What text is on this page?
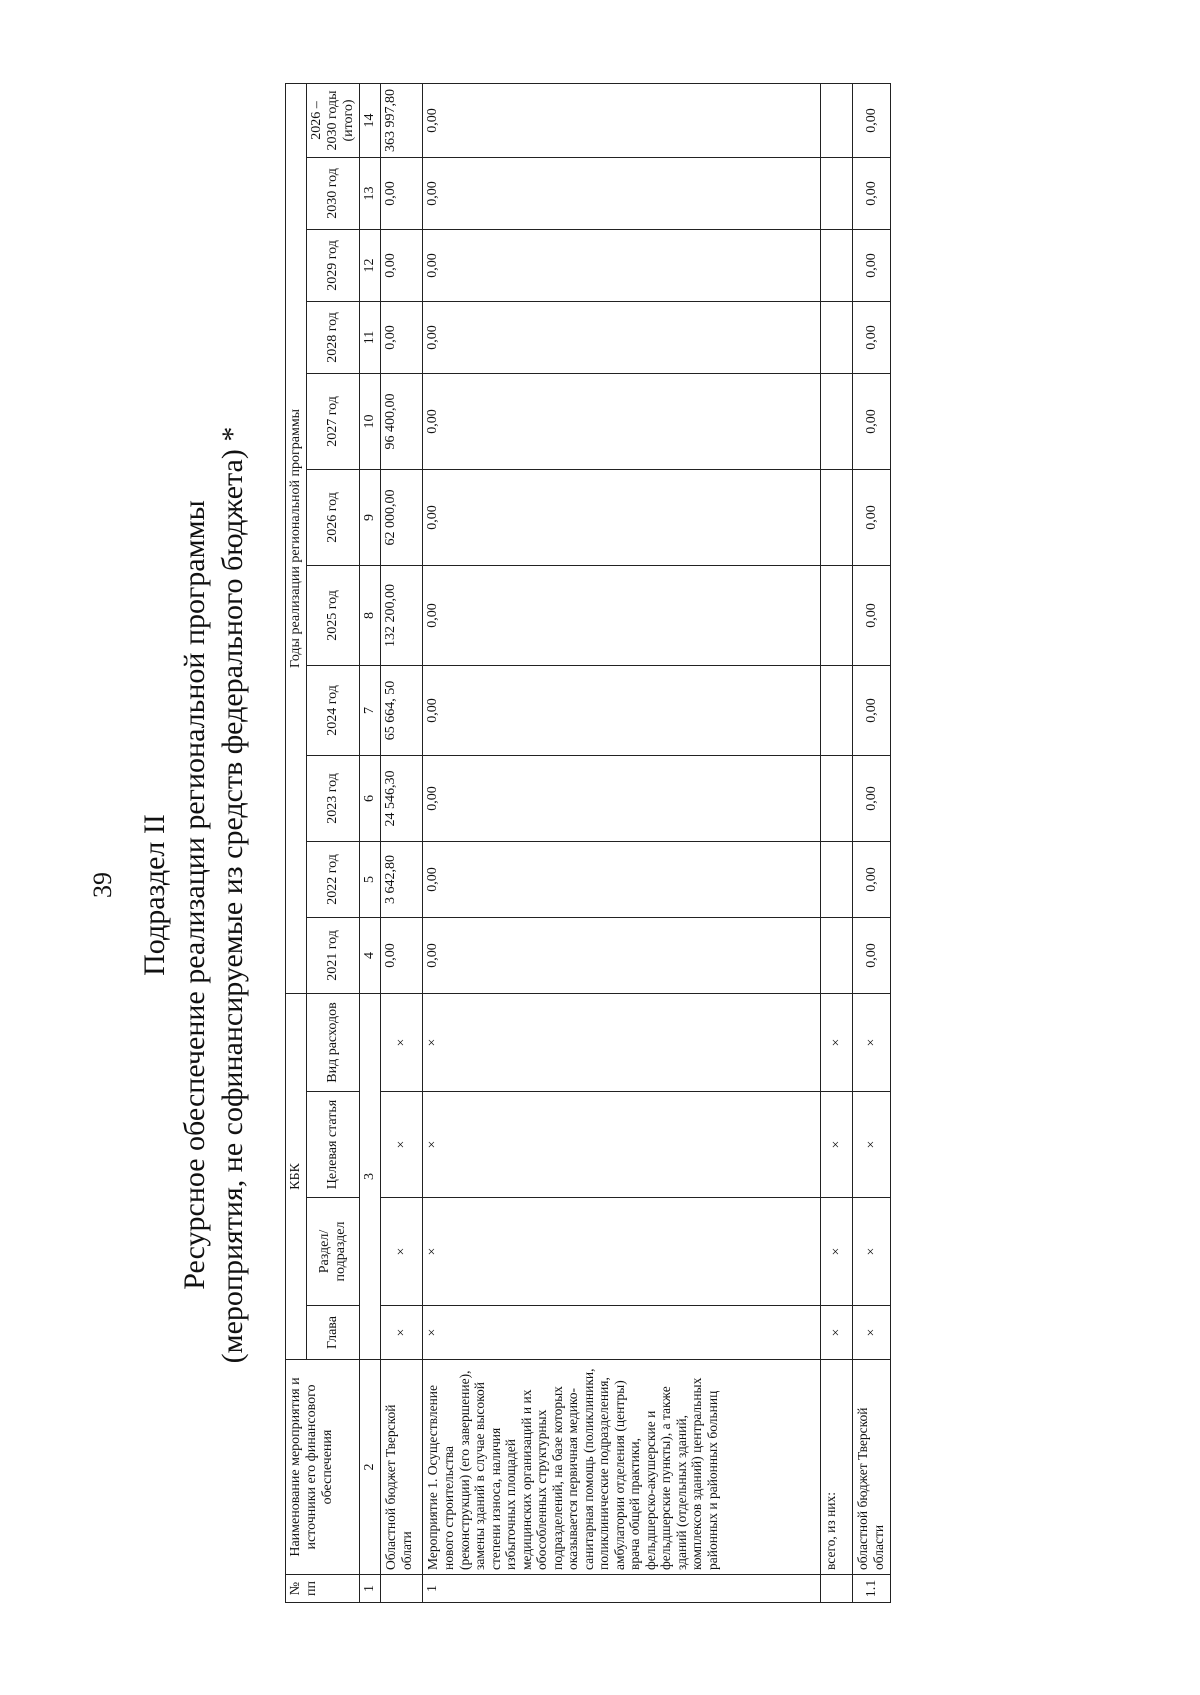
39 Подраздел II Ресурсное обеспечение реализации региональной программы (мероприятия, не софинансируемые из средств федерального бюджета) *
№ пп	Наименование мероприятия и источники его финансового обеспечения	КБК				Годы реализации региональной программы										
		Глава	Раздел/ подраздел	Целевая статья	Вид расходов	2021 год	2022 год	2023 год	2024 год	2025 год	2026 год	2027 год	2028 год	2029 год	2030 год	2026 – 2030 годы (итого)
1	2	3				4	5	6	7	8	9	10	11	12	13	14
	Областной бюджет Тверской облати	×	×	×	×	0,00	3 642,80	24 546,30	65 664, 50	132 200,00	62 000,00	96 400,00	0,00	0,00	0,00	363 997,80
1	Мероприятие 1. Осуществление нового строительства (реконструкции) (его завершение), замены зданий в случае высокой степени износа, наличия избыточных площадей медицинских организаций и их обособленных структурных подразделений, на базе которых оказывается первичная медико-санитарная помощь (поликлиники, поликлинические подразделения, амбулатории отделения (центры) врача общей практики, фельдшерско-акушерские и фельдшерские пункты), а также зданий (отдельных зданий, комплексов зданий) центральных районных и районных больниц	×	×	×	×	0,00	0,00	0,00	0,00	0,00	0,00	0,00	0,00	0,00	0,00	0,00
	всего, из них:	×	×	×	×											
1.1	областной бюджет Тверской области	×	×	×	×	0,00	0,00	0,00	0,00	0,00	0,00	0,00	0,00	0,00	0,00	0,00
